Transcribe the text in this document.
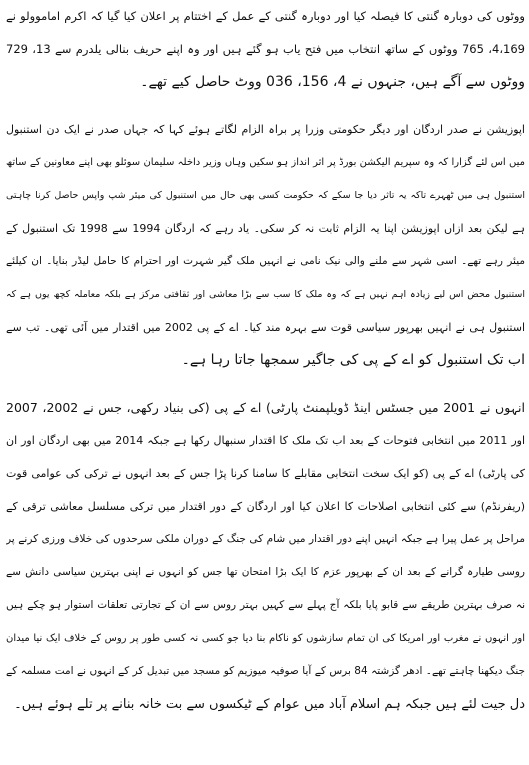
ووٹوں کی دوبارہ گنتی کا فیصلہ کیا اور دوبارہ گنتی کے عمل کے اختتام پر اعلان کیا گیا کہ اکرم اماموولو نے
4،169، 765 ووٹوں کے ساتھ انتخاب میں فتح یاب ہو گئے ہیں اور وہ اپنے حریف بنالی یلدرم سے 13، 729
ووٹوں سے آگے ہیں، جنہوں نے 4، 156، 036 ووٹ حاصل کیے تھے۔
اپوزیشن نے صدر اردگان اور دیگر حکومتی وزرا پر براہ الزام لگاتے ہوئے کہا کہ جہاں صدر نے ایک دن استنبول
میں اس لئے گزارا کہ وہ سپریم الیکشن بورڈ پر اثر انداز ہو سکیں وہاں وزیر داخلہ سلیمان سوئلو بھی اپنے معاونین کے ساتھ
استنبول ہی میں ٹھہرے تاکہ یہ تاثر دیا جا سکے کہ حکومت کسی بھی حال میں استنبول کی میئر شپ واپس حاصل کرنا چاہتی
ہے لیکن بعد ازاں اپوزیشن اپنا یہ الزام ثابت نہ کر سکی۔ یاد رہے کہ اردگان 1994 سے 1998 تک استنبول کے
میئر رہے تھے۔ اسی شہر سے ملنے والی نیک نامی نے انہیں ملک گیر شہرت اور احترام کا حامل لیڈر بنایا۔ ان کیلئے
استنبول محض اس لیے زیادہ اہم نہیں ہے کہ وہ ملک کا سب سے بڑا معاشی اور ثقافتی مرکز ہے بلکہ معاملہ کچھ یوں ہے کہ
استنبول ہی نے انہیں بھرپور سیاسی قوت سے بہرہ مند کیا۔ اے کے پی 2002 میں اقتدار میں آئی تھی۔ تب سے
اب تک استنبول کو اے کے پی کی جاگیر سمجھا جاتا رہا ہے۔
انہوں نے 2001 میں جسٹس اینڈ ڈویلپمنٹ پارٹی) اے کے پی (کی بنیاد رکھی، جس نے 2002، 2007
اور 2011 میں انتخابی فتوحات کے بعد اب تک ملک کا اقتدار سنبھال رکھا ہے جبکہ 2014 میں بھی اردگان اور ان
کی پارٹی) اے کے پی (کو ایک سخت انتخابی مقابلے کا سامنا کرنا پڑا جس کے بعد انہوں نے ترکی کی عوامی قوت
(ریفرنڈم) سے کئی انتخابی اصلاحات کا اعلان کیا اور اردگان کے دور اقتدار میں ترکی مسلسل معاشی ترقی کے
مراحل پر عمل پیرا ہے جبکہ انہیں اپنے دور اقتدار میں شام کی جنگ کے دوران ملکی سرحدوں کی خلاف ورزی کرنے پر
روسی طیارہ گرانے کے بعد ان کے بھرپور عزم کا ایک بڑا امتحان تھا جس کو انہوں نے اپنی بہترین سیاسی دانش سے
نہ صرف بہترین طریقے سے قابو پایا بلکہ آج پہلے سے کہیں بہتر روس سے ان کے تجارتی تعلقات استوار ہو چکے ہیں
اور انہوں نے مغرب اور امریکا کی ان تمام سازشوں کو ناکام بنا دیا جو کسی نہ کسی طور پر روس کے خلاف ایک نیا میدان
جنگ دیکھنا چاہتے تھے۔ ادھر گزشتہ 84 برس کے آیا صوفیہ میوزیم کو مسجد میں تبدیل کر کے انہوں نے امت مسلمہ کے
دل جیت لئے ہیں جبکہ ہم اسلام آباد میں عوام کے ٹیکسوں سے بت خانہ بنانے پر تلے ہوئے ہیں۔
